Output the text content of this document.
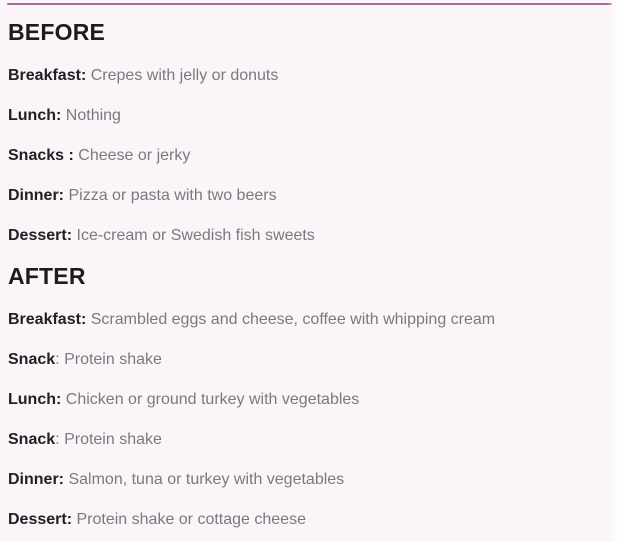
BEFORE

Breakfast: Crepes with jelly or donuts

Lunch: Nothing

Snacks : Cheese or jerky

Dinner: Pizza or pasta with two beers

Dessert: Ice-cream or Swedish fish sweets

AFTER

Breakfast: Scrambled eggs and cheese, coffee with whipping cream

Snack: Protein shake

Lunch: Chicken or ground turkey with vegetables

Snack: Protein shake

Dinner: Salmon, tuna or turkey with vegetables

Dessert: Protein shake or cottage cheese
